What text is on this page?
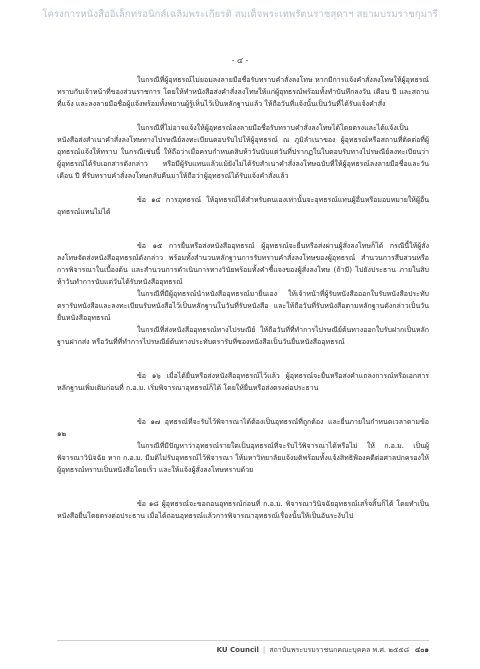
โครงการหนังสืออิเล็กทรอนิกส์เฉลิมพระเกียรติ สมเด็จพระเทพรัตนราชสุดาฯ สยามบรมราชกุมารี
- ๔ -

ในกรณีที่ผู้อุทธรณ์ไม่ยอมลงลายมือชื่อรับทราบคำสั่งลงโทษ หากมีการแจ้งคำสั่งลงโทษให้ผู้อุทธรณ์ทราบกับเจ้าหน้าที่ของส่วนราชการ โดยให้ทำหนังสือส่งคำสั่งลงโทษให้แก่ผู้อุทธรณ์พร้อมทั้งทำบันทึกลงวัน เดือน ปี และสถานที่แจ้ง และลงลายมือชื่อผู้แจ้งพร้อมทั้งพยานผู้รู้เห็นไว้เป็นหลักฐานแล้ว ให้ถือวันที่แจ้งนั้นเป็นวันที่ได้รับแจ้งคำสั่ง

ในกรณีที่ไม่อาจแจ้งให้ผู้อุทธรณ์ลงลายมือชื่อรับทราบคำสั่งลงโทษได้โดยตรงและได้แจ้งเป็นหนังสือส่งสำเนาคำสั่งลงโทษทางไปรษณีย์ลงทะเบียนตอบรับไปให้ผู้อุทธรณ์ ณ ภูมิลำเนาของ ผู้อุทธรณ์หรือสถานที่ติดต่อที่ผู้อุทธรณ์แจ้งให้ทราบ ในกรณีเช่นนี้ ให้ถือว่าเมื่อครบกำหนดสิบห้าวันนับแต่วันที่ปรากฏในใบตอบรับทางไปรษณีย์ลงทะเบียนว่าผู้อุทธรณ์ได้รับเอกสารดังกล่าว หรือมีผู้รับแทนแล้วแม้ยังไม่ได้รับสำเนาคำสั่งลงโทษฉบับที่ให้ผู้อุทธรณ์ลงลายมือชื่อและวัน เดือน ปี ที่รับทราบคำสั่งลงโทษกลับคืนมาให้ถือว่าผู้อุทธรณ์ได้รับแจ้งคำสั่งแล้ว

ข้อ ๑๔ การอุทธรณ์ ให้อุทธรณ์ได้สำหรับตนเองเท่านั้นจะอุทธรณ์แทนผู้อื่นหรือมอบหมายให้ผู้อื่นอุทธรณ์แทนไม่ได้

ข้อ ๑๕ การยื่นหรือส่งหนังสืออุทธรณ์ ผู้อุทธรณ์จะยื่นหรือส่งผ่านผู้สั่งลงโทษก็ได้ กรณีนี้ให้ผู้สั่งลงโทษจัดส่งหนังสืออุทธรณ์ดังกล่าว พร้อมทั้งสำนวนหลักฐานการรับทราบคำสั่งลงโทษของผู้อุทธรณ์ สำนวนการสืบสวนหรือการพิจารณาในเบื้องต้น และสำนวนการดำเนินการทางวินัยพร้อมทั้งคำชี้แจงของผู้สั่งลงโทษ (ถ้ามี) ไปยังประธาน ภายในสิบห้าวันทำการนับแต่วันได้รับหนังสืออุทธรณ์

ในกรณีที่มีผู้อุทธรณ์นำหนังสืออุทธรณ์มายื่นเอง ให้เจ้าหน้าที่ผู้รับหนังสือออกใบรับหนังสือประทับตรารับหนังสือและลงทะเบียนรับหนังสือไว้เป็นหลักฐานในวันที่รับหนังสือ และให้ถือวันที่รับหนังสือตามหลักฐานดังกล่าวเป็นวันยื่นหนังสืออุทธรณ์

ในกรณีที่ส่งหนังสืออุทธรณ์ทางไปรษณีย์ ให้ถือวันที่ที่ทำการไปรษณีย์ต้นทางออกใบรับฝากเป็นหลักฐานฝากส่ง หรือวันที่ที่ทำการไปรษณีย์ต้นทางประทับตรารับที่ซองหนังสือเป็นวันยื่นหนังสืออุทธรณ์

ข้อ ๑๖ เมื่อได้ยื่นหรือส่งหนังสืออุทธรณ์ไว้แล้ว ผู้อุทธรณ์จะยื่นหรือส่งคำแถลงการณ์หรือเอกสารหลักฐานเพิ่มเติมก่อนที่ ก.อ.ม. เริ่มพิจารณาอุทธรณ์ก็ได้ โดยให้ยื่นหรือส่งตรงต่อประธาน

ข้อ ๑๗ อุทธรณ์ที่จะรับไว้พิจารณาได้ต้องเป็นอุทธรณ์ที่ถูกต้อง และยื่นภายในกำหนดเวลาตามข้อ ๑๒

ในกรณีที่มีปัญหาว่าอุทธรณ์รายใดเป็นอุทธรณ์ที่จะรับไว้พิจารณาได้หรือไม่ ให้ ก.อ.ม. เป็นผู้พิจารณาวินิจฉัย หาก ก.อ.ม. มีมติไม่รับอุทธรณ์ไว้พิจารณา ให้มหาวิทยาลัยแจ้งมติพร้อมทั้งแจ้งสิทธิฟ้องคดีต่อศาลปกครองให้ผู้อุทธรณ์ทราบเป็นหนังสือโดยเร็ว และให้แจ้งผู้สั่งลงโทษทราบด้วย

ข้อ ๑๘ ผู้อุทธรณ์จะขอถอนอุทธรณ์ก่อนที่ ก.อ.ม. พิจารณาวินิจฉัยอุทธรณ์เสร็จสิ้นก็ได้ โดยทำเป็นหนังสือยื่นโดยตรงต่อประธาน เมื่อได้ถอนอุทธรณ์แล้วการพิจารณาอุทธรณ์เรื่องนั้นให้เป็นอันระงับไป

KU Council | สถาบันพระบรมราชนกคณะบุคคล พ.ศ. ๒๕๕๘ ๔๐๑
